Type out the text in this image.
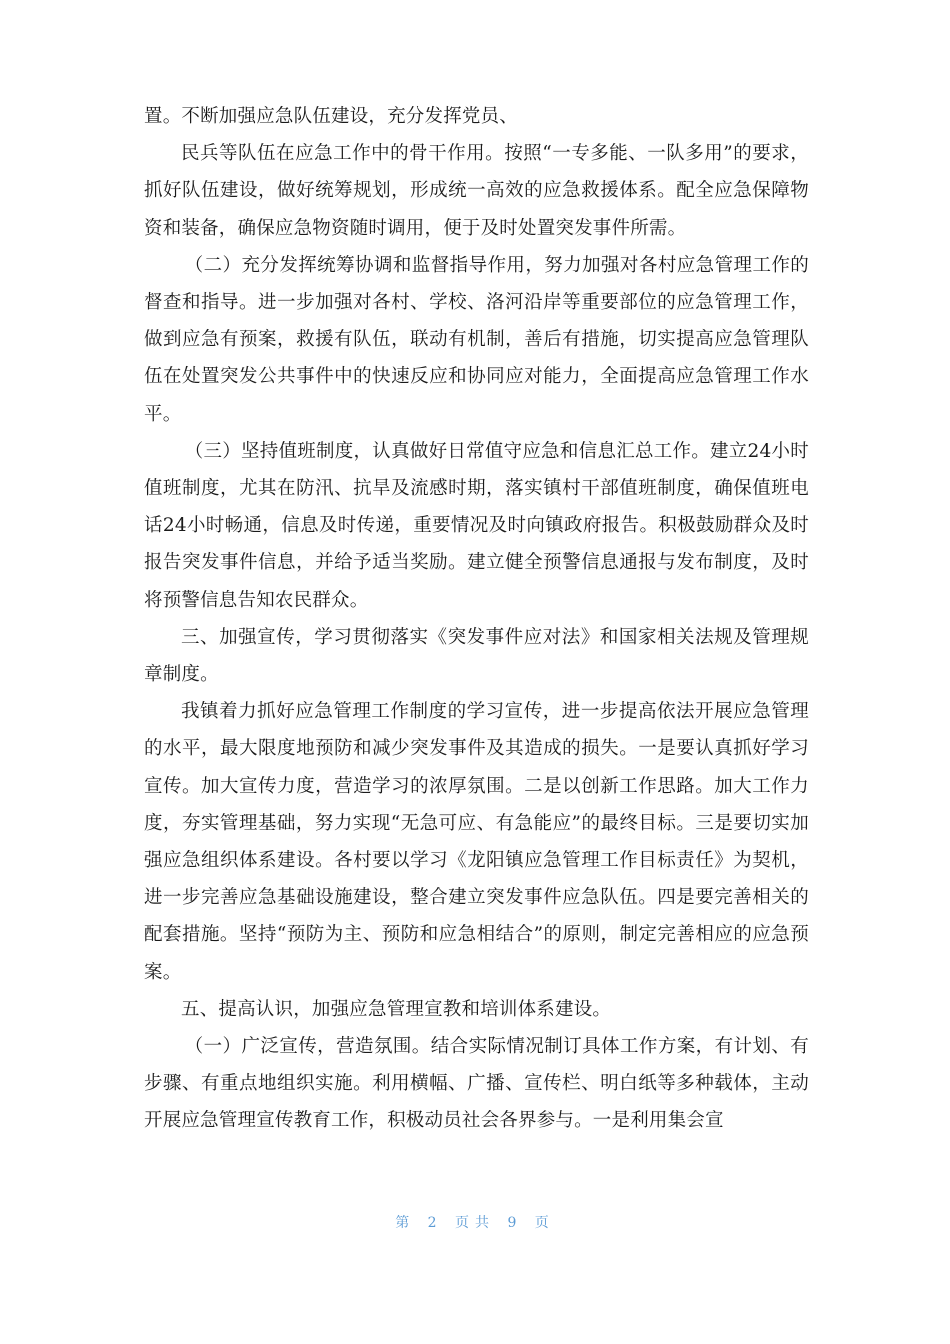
置。不断加强应急队伍建设，充分发挥党员、

民兵等队伍在应急工作中的骨干作用。按照“一专多能、一队多用”的要求，抓好队伍建设，做好统筹规划，形成统一高效的应急救援体系。配全应急保障物资和装备，确保应急物资随时调用，便于及时处置突发事件所需。

（二）充分发挥统筹协调和监督指导作用，努力加强对各村应急管理工作的督查和指导。进一步加强对各村、学校、洛河沿岸等重要部位的应急管理工作，做到应急有预案，救援有队伍，联动有机制，善后有措施，切实提高应急管理队伍在处置突发公共事件中的快速反应和协同应对能力，全面提高应急管理工作水平。

（三）坚持值班制度，认真做好日常值守应急和信息汇总工作。建立24小时值班制度，尤其在防汛、抗旱及流感时期，落实镇村干部值班制度，确保值班电话24小时畅通，信息及时传递，重要情况及时向镇政府报告。积极鼓励群众及时报告突发事件信息，并给予适当奖励。建立健全预警信息通报与发布制度，及时将预警信息告知农民群众。

三、加强宣传，学习贯彻落实《突发事件应对法》和国家相关法规及管理规章制度。

我镇着力抓好应急管理工作制度的学习宣传，进一步提高依法开展应急管理的水平，最大限度地预防和减少突发事件及其造成的损失。一是要认真抓好学习宣传。加大宣传力度，营造学习的浓厚氛围。二是以创新工作思路。加大工作力度，夯实管理基础，努力实现“无急可应、有急能应”的最终目标。三是要切实加强应急组织体系建设。各村要以学习《龙阳镇应急管理工作目标责任》为契机，进一步完善应急基础设施建设，整合建立突发事件应急队伍。四是要完善相关的配套措施。坚持“预防为主、预防和应急相结合”的原则，制定完善相应的应急预案。

五、提高认识，加强应急管理宣教和培训体系建设。

（一）广泛宣传，营造氛围。结合实际情况制订具体工作方案，有计划、有步骤、有重点地组织实施。利用横幅、广播、宣传栏、明白纸等多种载体，主动开展应急管理宣传教育工作，积极动员社会各界参与。一是利用集会宣

第 2 页共 9 页
